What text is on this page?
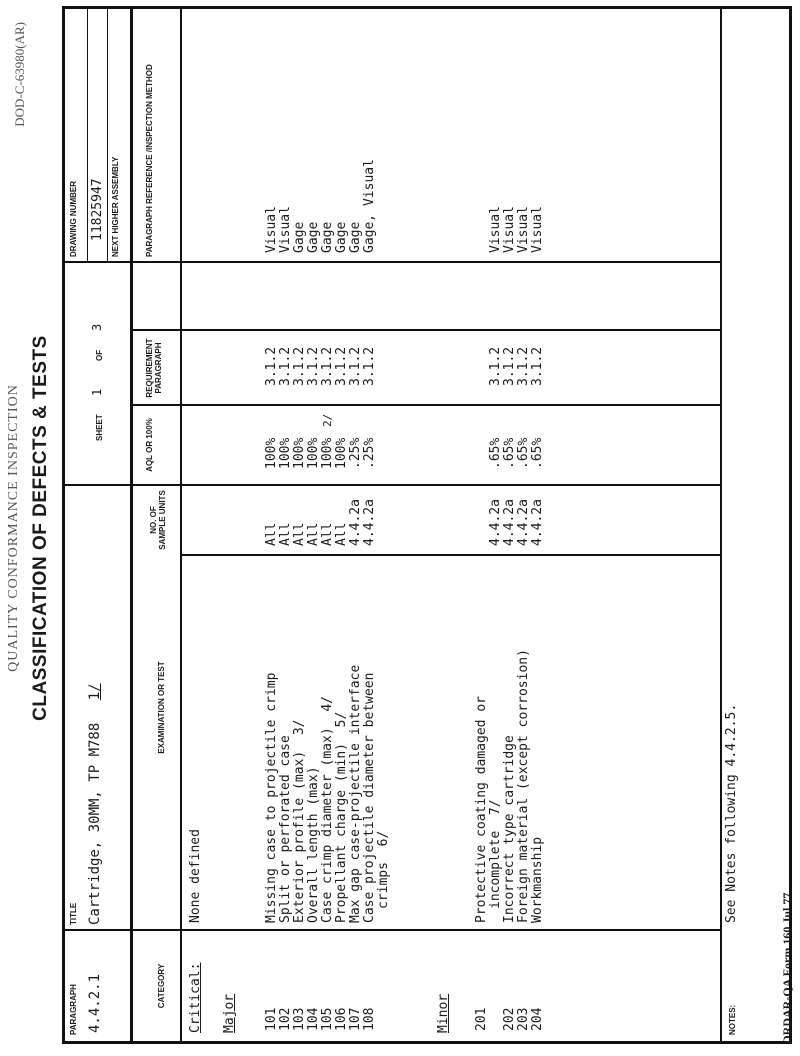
QUALITY CONFORMANCE INSPECTION
DOD-C-63980(AR)
CLASSIFICATION OF DEFECTS & TESTS
PARAGRAPH 4.4.2.1
TITLE Cartridge, 30MM, TP M788 1/
SHEET
1
OF
3
DRAWING NUMBER 11825947 NEXT HIGHER ASSEMBLY
CATEGORY
EXAMINATION OR TEST
NO. OF SAMPLE UNITS
AQL OR 100%
REQUIREMENT PARAGRAPH
PARAGRAPH REFERENCE /INSPECTION METHOD
Critical:
None defined
Major	Minor
101
Missing case to projectile crimp
All
100%
3.1.2
Visual
102
Split or perforated case
All
100%
3.1.2
Visual
103
Exterior profile (max)  3/
All
100%
3.1.2
Gage
104
Overall length (max)
All
100%
3.1.2
Gage
105
Case crimp diameter (max)  4/
All
100%
3.1.2
Gage
106
Propellant charge (min)  5/
All
100%
3.1.2
Gage
107
Max gap case-projectile interface
4.4.2a
.25%
3.1.2
Gage
108
Case projectile diameter between crimps  6/
4.4.2a
.25%
3.1.2
Gage, Visual
201
Protective coating damaged or incomplete  7/
4.4.2a
.65%
3.1.2
Visual
202
Incorrect type cartridge
4.4.2a
.65%
3.1.2
Visual
203
Foreign material (except corrosion)
4.4.2a
.65%
3.1.2
Visual
204
Workmanship
4.4.2a
.65%
3.1.2
Visual
2/
NOTES:
See Notes following 4.4.2.5.
DRDAR-QA Form 160 Jul 77
